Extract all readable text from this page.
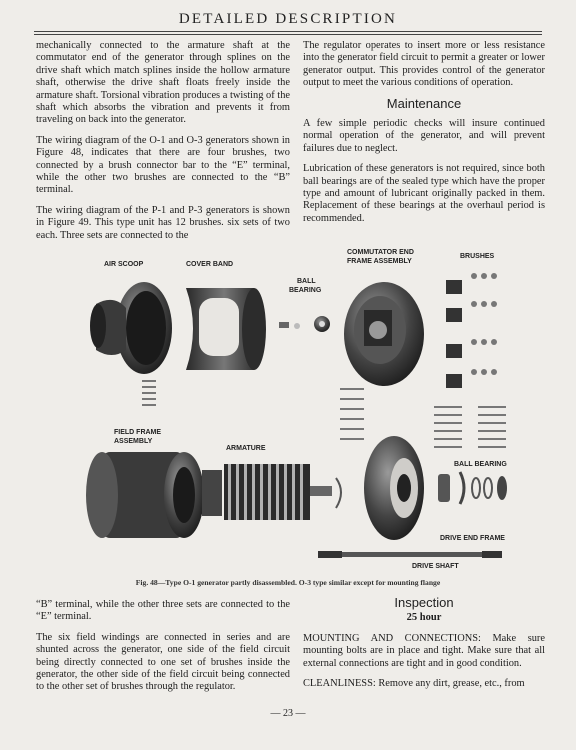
DETAILED DESCRIPTION

mechanically connected to the armature shaft at the commutator end of the generator through splines on the drive shaft which match splines inside the hollow armature shaft, otherwise the drive shaft floats freely inside the armature shaft. Torsional vibration produces a twisting of the shaft which absorbs the vibration and prevents it from traveling on back into the generator.

The wiring diagram of the O-1 and O-3 generators shown in Figure 48, indicates that there are four brushes, two connected by a brush connector bar to the “E” terminal, while the other two brushes are connected to the “B” terminal.

The wiring diagram of the P-1 and P-3 generators is shown in Figure 49. This type unit has 12 brushes. six sets of two each. Three sets are connected to the

The regulator operates to insert more or less resistance into the generator field circuit to permit a greater or lower generator output. This provides control of the generator output to meet the various conditions of operation.

Maintenance

A few simple periodic checks will insure continued normal operation of the generator, and will prevent failures due to neglect.

Lubrication of these generators is not required, since both ball bearings are of the sealed type which have the proper type and amount of lubricant originally packed in them. Replacement of these bearings at the overhaul period is recommended.

AIR SCOOP	COVER BAND
BALL
BEARING
COMMUTATOR END
FRAME ASSEMBLY
BRUSHES
FIELD FRAME
ASSEMBLY
ARMATURE
BALL BEARING
DRIVE END FRAME
DRIVE SHAFT
Fig. 48—Type O-1 generator partly disassembled. O-3 type similar except for mounting flange

“B” terminal, while the other three sets are connected to the “E” terminal.

The six field windings are connected in series and are shunted across the generator, one side of the field circuit being directly connected to one set of brushes inside the generator, the other side of the field circuit being connected to the other set of brushes through the regulator.

Inspection
25 hour

MOUNTING AND CONNECTIONS: Make sure mounting bolts are in place and tight. Make sure that all external connections are tight and in good condition.

CLEANLINESS: Remove any dirt, grease, etc., from

— 23 —
